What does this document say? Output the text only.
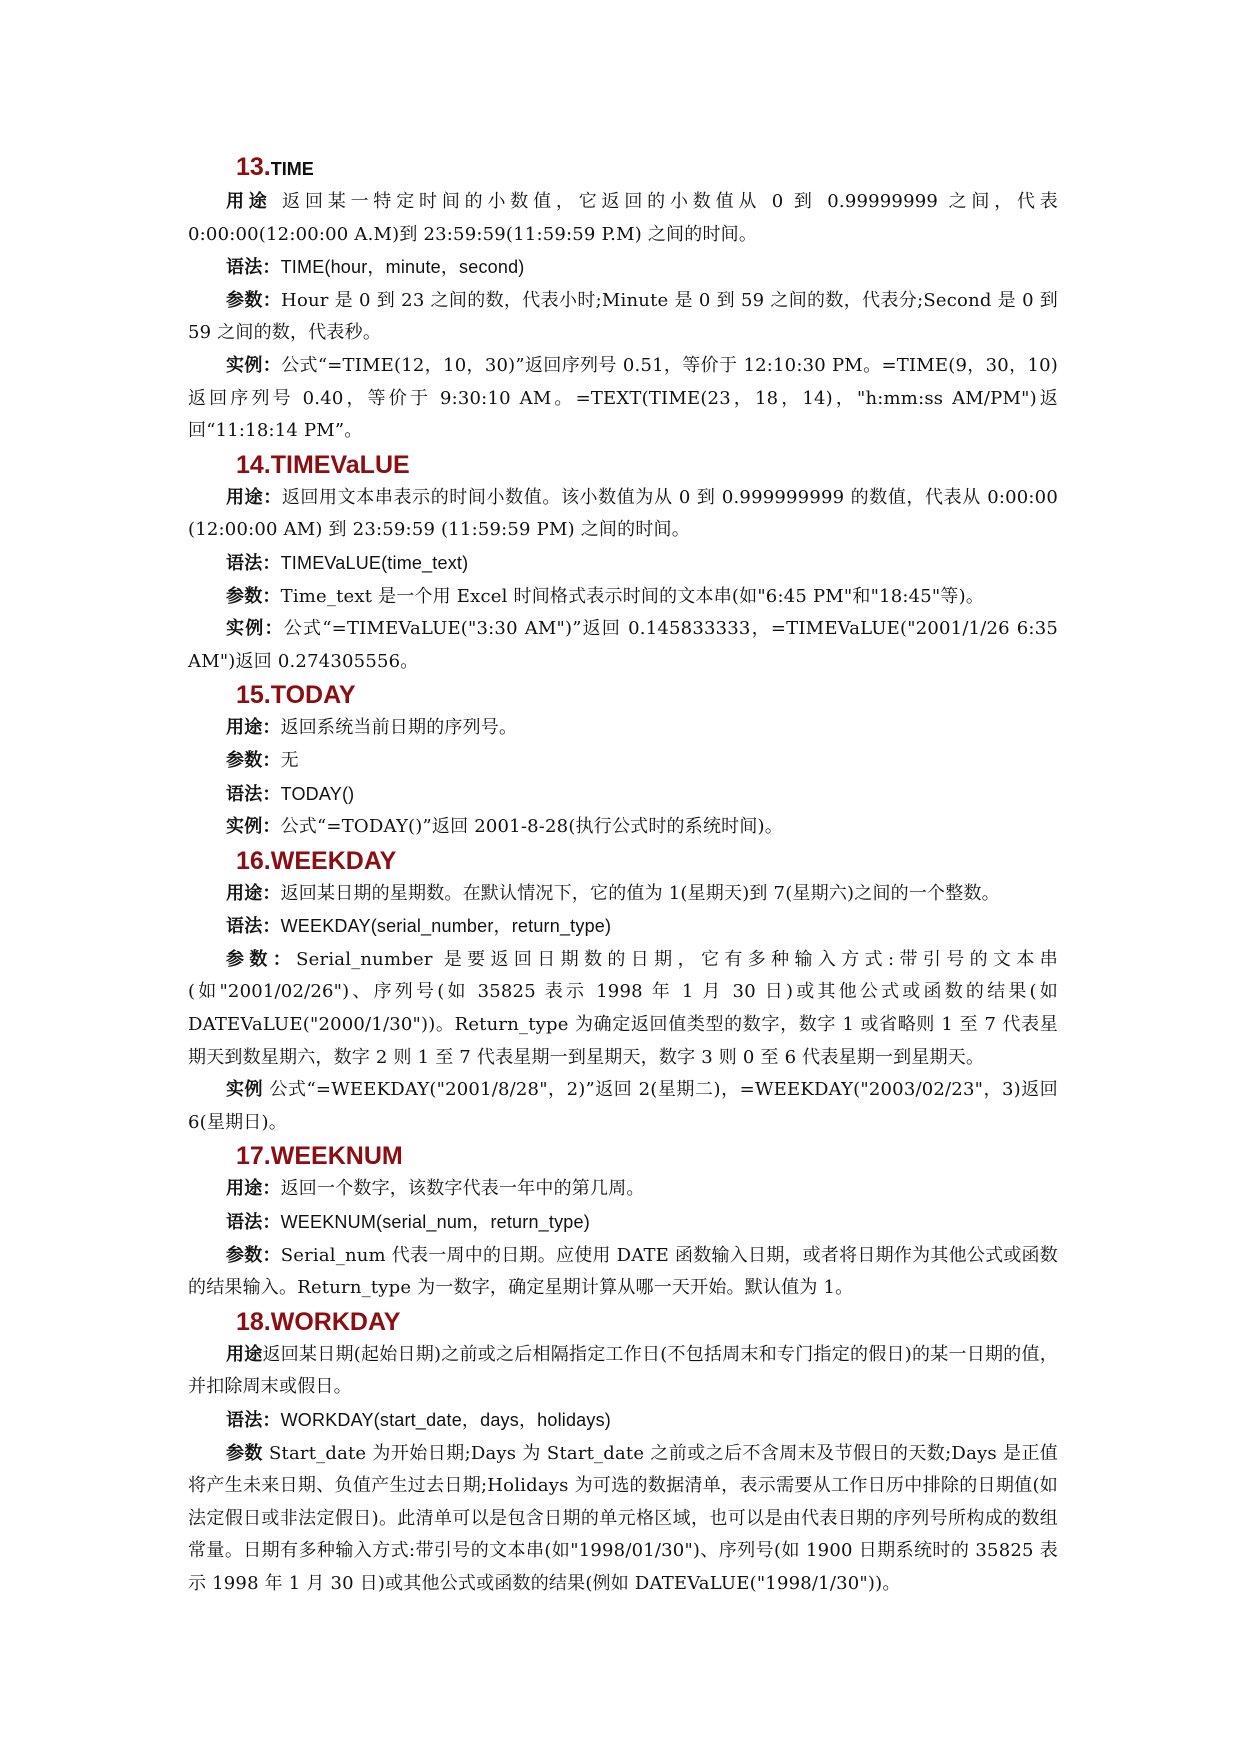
13.TIME

用途 返回某一特定时间的小数值，它返回的小数值从 0 到 0.99999999 之间，代表 0:00:00(12:00:00 A.M)到 23:59:59(11:59:59 P.M) 之间的时间。

语法：TIME(hour，minute，second)

参数：Hour 是 0 到 23 之间的数，代表小时;Minute 是 0 到 59 之间的数，代表分;Second 是 0 到 59 之间的数，代表秒。

实例：公式“=TIME(12，10，30)”返回序列号 0.51，等价于 12:10:30 PM。=TIME(9，30，10)返回序列号 0.40，等价于 9:30:10 AM。=TEXT(TIME(23，18，14)，"h:mm:ss AM/PM")返回“11:18:14 PM”。

14.TIMEVaLUE

用途：返回用文本串表示的时间小数值。该小数值为从 0 到 0.999999999 的数值，代表从 0:00:00 (12:00:00 AM) 到 23:59:59 (11:59:59 PM) 之间的时间。

语法：TIMEVaLUE(time_text)

参数：Time_text 是一个用 Excel 时间格式表示时间的文本串(如"6:45 PM"和"18:45"等)。

实例：公式“=TIMEVaLUE("3:30 AM")”返回 0.145833333，=TIMEVaLUE("2001/1/26 6:35 AM")返回 0.274305556。

15.TODAY

用途：返回系统当前日期的序列号。

参数：无

语法：TODAY()

实例：公式“=TODAY()”返回 2001-8-28(执行公式时的系统时间)。

16.WEEKDAY

用途：返回某日期的星期数。在默认情况下，它的值为 1(星期天)到 7(星期六)之间的一个整数。

语法：WEEKDAY(serial_number，return_type)

参数：Serial_number 是要返回日期数的日期，它有多种输入方式:带引号的文本串(如"2001/02/26")、序列号(如 35825 表示 1998 年 1 月 30 日)或其他公式或函数的结果(如 DATEVaLUE("2000/1/30"))。Return_type 为确定返回值类型的数字，数字 1 或省略则 1 至 7 代表星期天到数星期六，数字 2 则 1 至 7 代表星期一到星期天，数字 3 则 0 至 6 代表星期一到星期天。

实例 公式“=WEEKDAY("2001/8/28"，2)”返回 2(星期二)，=WEEKDAY("2003/02/23"，3)返回 6(星期日)。

17.WEEKNUM

用途：返回一个数字，该数字代表一年中的第几周。

语法：WEEKNUM(serial_num，return_type)

参数：Serial_num 代表一周中的日期。应使用 DATE 函数输入日期，或者将日期作为其他公式或函数的结果输入。Return_type 为一数字，确定星期计算从哪一天开始。默认值为 1。

18.WORKDAY

用途返回某日期(起始日期)之前或之后相隔指定工作日(不包括周末和专门指定的假日)的某一日期的值，并扣除周末或假日。

语法：WORKDAY(start_date，days，holidays)

参数 Start_date 为开始日期;Days 为 Start_date 之前或之后不含周末及节假日的天数;Days 是正值将产生未来日期、负值产生过去日期;Holidays 为可选的数据清单，表示需要从工作日历中排除的日期值(如法定假日或非法定假日)。此清单可以是包含日期的单元格区域，也可以是由代表日期的序列号所构成的数组常量。日期有多种输入方式:带引号的文本串(如"1998/01/30")、序列号(如 1900 日期系统时的 35825 表示 1998 年 1 月 30 日)或其他公式或函数的结果(例如 DATEVaLUE("1998/1/30"))。
